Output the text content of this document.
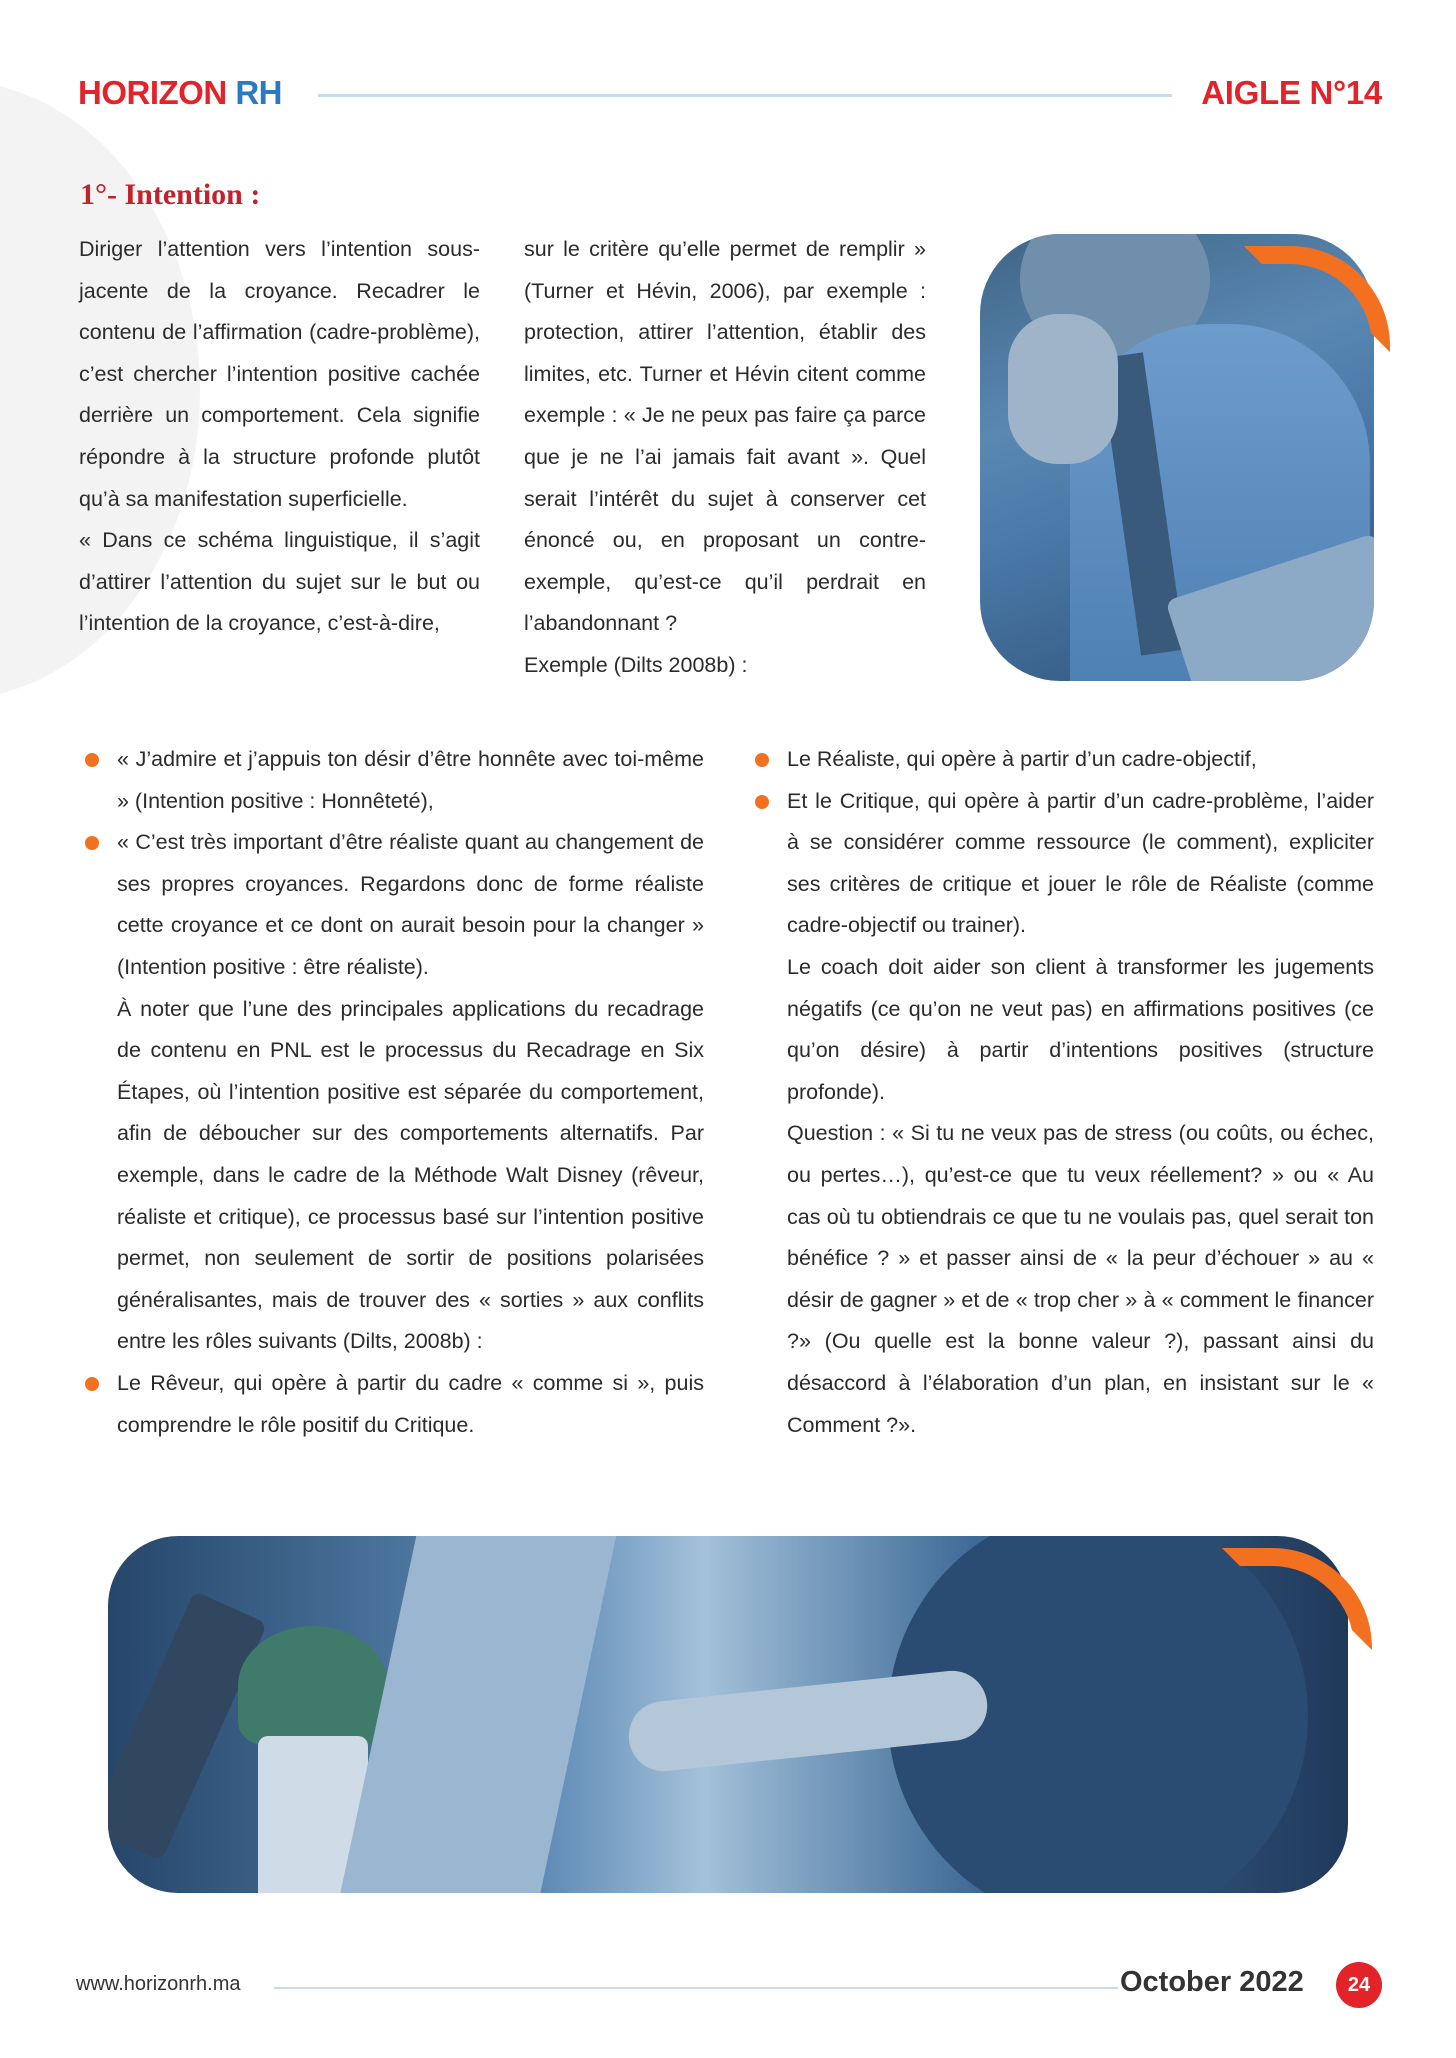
HORIZON RH	AIGLE N°14
1°- Intention :

Diriger l’attention vers l’intention sous-jacente de la croyance. Recadrer le contenu de l’affirmation (cadre-problème), c’est chercher l’intention positive cachée derrière un comportement. Cela signifie répondre à la structure profonde plutôt qu’à sa manifestation superficielle.

« Dans ce schéma linguistique, il s’agit d’attirer l’attention du sujet sur le but ou l’intention de la croyance, c’est-à-dire,

sur le critère qu’elle permet de remplir » (Turner et Hévin, 2006), par exemple : protection, attirer l’attention, établir des limites, etc. Turner et Hévin citent comme exemple : « Je ne peux pas faire ça parce que je ne l’ai jamais fait avant ». Quel serait l’intérêt du sujet à conserver cet énoncé ou, en proposant un contre-exemple, qu’est-ce qu’il perdrait en l’abandonnant ?

Exemple (Dilts 2008b) :

« J’admire et j’appuis ton désir d’être honnête avec toi-même » (Intention positive : Honnêteté),

« C’est très important d’être réaliste quant au changement de ses propres croyances. Regardons donc de forme réaliste cette croyance et ce dont on aurait besoin pour la changer » (Intention positive : être réaliste).

À noter que l’une des principales applications du recadrage de contenu en PNL est le processus du Recadrage en Six Étapes, où l’intention positive est séparée du comportement, afin de déboucher sur des comportements alternatifs. Par exemple, dans le cadre de la Méthode Walt Disney (rêveur, réaliste et critique), ce processus basé sur l’intention positive permet, non seulement de sortir de positions polarisées généralisantes, mais de trouver des « sorties » aux conflits entre les rôles suivants (Dilts, 2008b) :

Le Rêveur, qui opère à partir du cadre « comme si », puis comprendre le rôle positif du Critique.

Le Réaliste, qui opère à partir d’un cadre-objectif,

Et le Critique, qui opère à partir d’un cadre-problème, l’aider à se considérer comme ressource (le comment), expliciter ses critères de critique et jouer le rôle de Réaliste (comme cadre-objectif ou trainer).

Le coach doit aider son client à transformer les jugements négatifs (ce qu’on ne veut pas) en affirmations positives (ce qu’on désire) à partir d’intentions positives (structure profonde).

Question : « Si tu ne veux pas de stress (ou coûts, ou échec, ou pertes…), qu’est-ce que tu veux réellement? » ou « Au cas où tu obtiendrais ce que tu ne voulais pas, quel serait ton bénéfice ? » et passer ainsi de « la peur d’échouer » au « désir de gagner » et de « trop cher » à « comment le financer ?» (Ou quelle est la bonne valeur ?), passant ainsi du désaccord à l’élaboration d’un plan, en insistant sur le « Comment ?».

www.horizonrh.ma	October 2022	24
